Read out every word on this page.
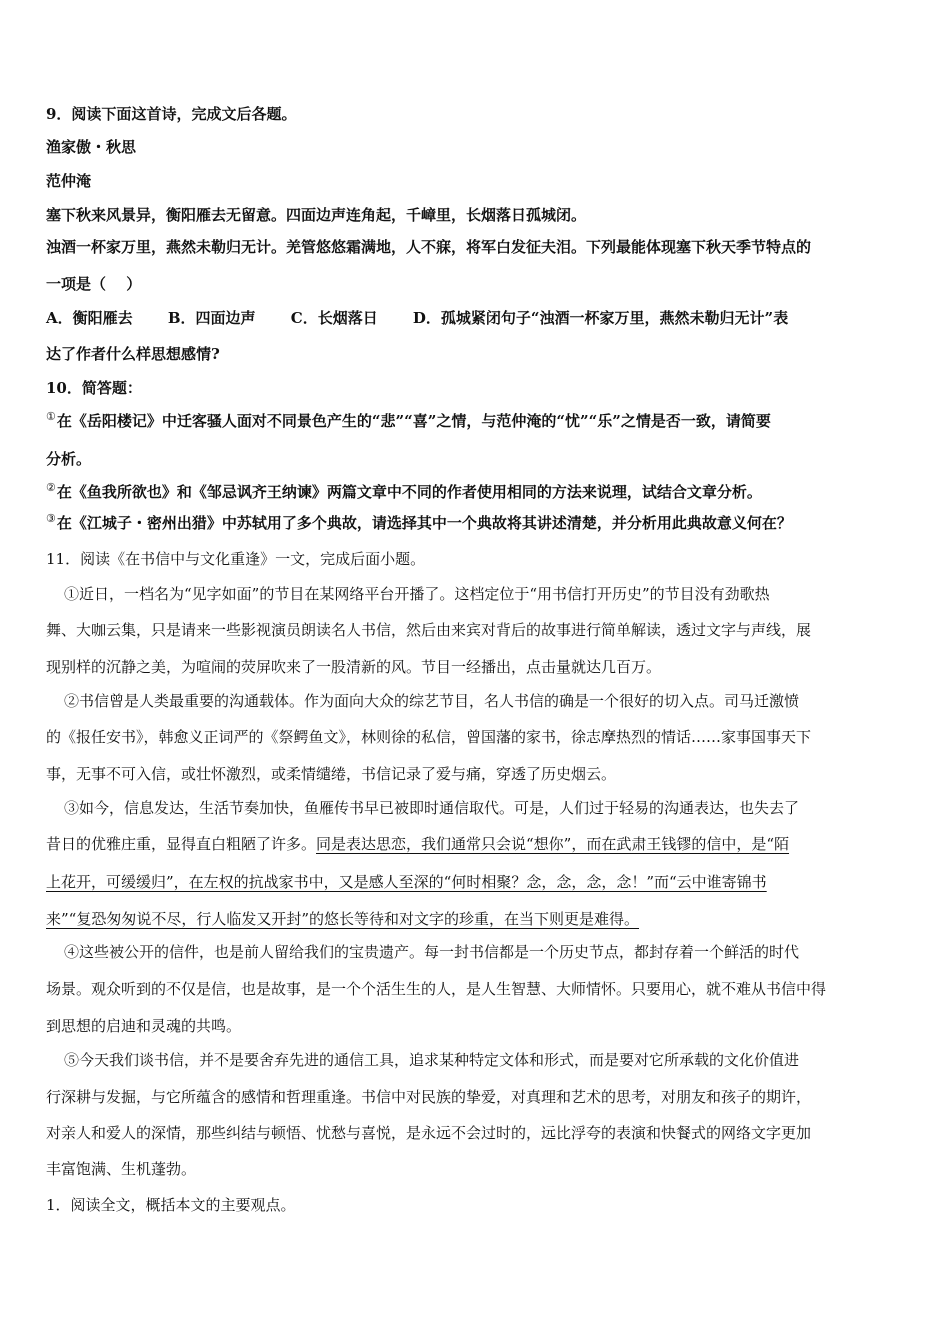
9．阅读下面这首诗，完成文后各题。
渔家傲・秋思
范仲淹
塞下秋来风景异，衡阳雁去无留意。四面边声连角起，千嶂里，长烟落日孤城闭。
浊酒一杯家万里，燕然未勒归无计。羌管悠悠霜满地，人不寐，将军白发征夫泪。下列最能体现塞下秋天季节特点的
一项是（　 ）
A．衡阳雁去　　 B．四面边声　　 C．长烟落日　　 D．孤城紧闭句子“浊酒一杯家万里，燕然未勒归无计”表
达了作者什么样思想感情?
10．简答题：
①在《岳阳楼记》中迁客骚人面对不同景色产生的“悲”“喜”之情，与范仲淹的“忧”“乐”之情是否一致，请简要
分析。
②在《鱼我所欲也》和《邹忌讽齐王纳谏》两篇文章中不同的作者使用相同的方法来说理，试结合文章分析。
③在《江城子・密州出猎》中苏轼用了多个典故，请选择其中一个典故将其讲述清楚，并分析用此典故意义何在？
11．阅读《在书信中与文化重逢》一文，完成后面小题。
①近日，一档名为“见字如面”的节目在某网络平台开播了。这档定位于“用书信打开历史”的节目没有劲歌热
舞、大咖云集，只是请来一些影视演员朗读名人书信，然后由来宾对背后的故事进行简单解读，透过文字与声线，展
现别样的沉静之美，为喧闹的荧屏吹来了一股清新的风。节目一经播出，点击量就达几百万。
②书信曾是人类最重要的沟通载体。作为面向大众的综艺节目，名人书信的确是一个很好的切入点。司马迁激愤
的《报任安书》，韩愈义正词严的《祭鳄鱼文》，林则徐的私信，曾国藩的家书，徐志摩热烈的情话……家事国事天下
事，无事不可入信，或壮怀激烈，或柔情缱绻，书信记录了爱与痛，穿透了历史烟云。
③如今，信息发达，生活节奏加快，鱼雁传书早已被即时通信取代。可是，人们过于轻易的沟通表达，也失去了
昔日的优雅庄重，显得直白粗陋了许多。同是表达思恋，我们通常只会说“想你”，而在武肃王钱镠的信中，是“陌
上花开，可缓缓归”，在左权的抗战家书中，又是感人至深的“何时相聚？念，念，念，念！”而“云中谁寄锦书
来”“复恐匆匆说不尽，行人临发又开封”的悠长等待和对文字的珍重，在当下则更是难得。
④这些被公开的信件，也是前人留给我们的宝贵遗产。每一封书信都是一个历史节点，都封存着一个鲜活的时代
场景。观众听到的不仅是信，也是故事，是一个个活生生的人，是人生智慧、大师情怀。只要用心，就不难从书信中得
到思想的启迪和灵魂的共鸣。
⑤今天我们谈书信，并不是要舍弃先进的通信工具，追求某种特定文体和形式，而是要对它所承载的文化价值进
行深耕与发掘，与它所蕴含的感情和哲理重逢。书信中对民族的挚爱，对真理和艺术的思考，对朋友和孩子的期许，
对亲人和爱人的深情，那些纠结与顿悟、忧愁与喜悦，是永远不会过时的，远比浮夸的表演和快餐式的网络文字更加
丰富饱满、生机蓬勃。
1．阅读全文，概括本文的主要观点。
